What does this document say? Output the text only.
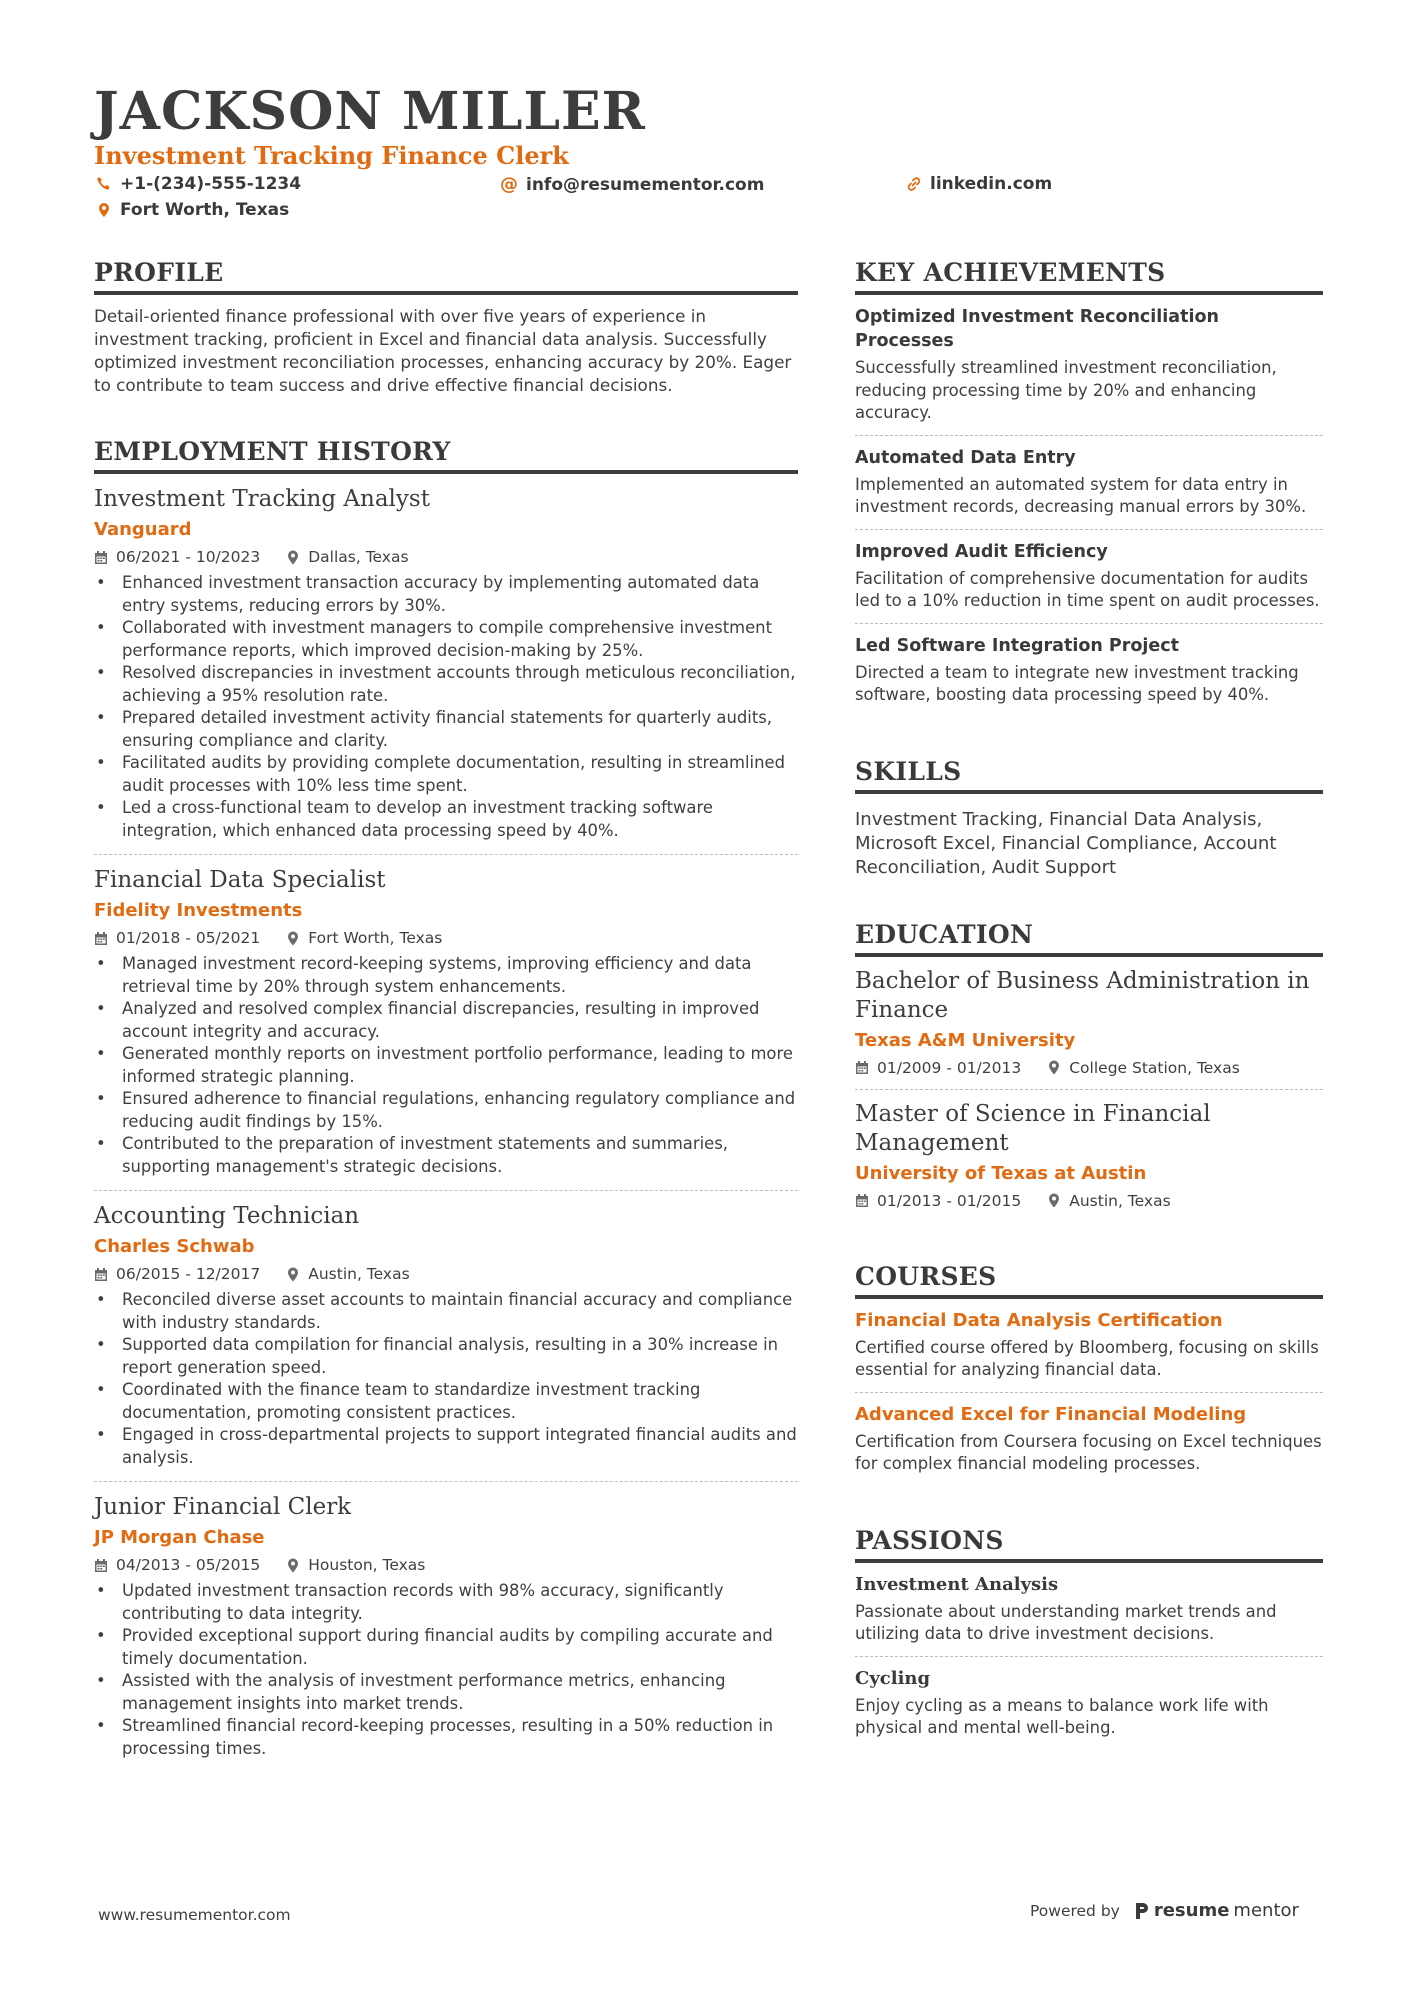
JACKSON MILLER
Investment Tracking Finance Clerk
+1-(234)-555-1234	@ info@resumementor.com	linkedin.com
Fort Worth, Texas
PROFILE

Detail-oriented finance professional with over five years of experience in investment tracking, proficient in Excel and financial data analysis. Successfully optimized investment reconciliation processes, enhancing accuracy by 20%. Eager to contribute to team success and drive effective financial decisions.

EMPLOYMENT HISTORY
Investment Tracking Analyst
Vanguard
06/2021 - 10/2023	Dallas, Texas
• Enhanced investment transaction accuracy by implementing automated data entry systems, reducing errors by 30%.
• Collaborated with investment managers to compile comprehensive investment performance reports, which improved decision-making by 25%.
• Resolved discrepancies in investment accounts through meticulous reconciliation, achieving a 95% resolution rate.
• Prepared detailed investment activity financial statements for quarterly audits, ensuring compliance and clarity.
• Facilitated audits by providing complete documentation, resulting in streamlined audit processes with 10% less time spent.
• Led a cross-functional team to develop an investment tracking software integration, which enhanced data processing speed by 40%.
Financial Data Specialist
Fidelity Investments
01/2018 - 05/2021	Fort Worth, Texas
• Managed investment record-keeping systems, improving efficiency and data retrieval time by 20% through system enhancements.
• Analyzed and resolved complex financial discrepancies, resulting in improved account integrity and accuracy.
• Generated monthly reports on investment portfolio performance, leading to more informed strategic planning.
• Ensured adherence to financial regulations, enhancing regulatory compliance and reducing audit findings by 15%.
• Contributed to the preparation of investment statements and summaries, supporting management's strategic decisions.
Accounting Technician
Charles Schwab
06/2015 - 12/2017	Austin, Texas
• Reconciled diverse asset accounts to maintain financial accuracy and compliance with industry standards.
• Supported data compilation for financial analysis, resulting in a 30% increase in report generation speed.
• Coordinated with the finance team to standardize investment tracking documentation, promoting consistent practices.
• Engaged in cross-departmental projects to support integrated financial audits and analysis.
Junior Financial Clerk
JP Morgan Chase
04/2013 - 05/2015	Houston, Texas
• Updated investment transaction records with 98% accuracy, significantly contributing to data integrity.
• Provided exceptional support during financial audits by compiling accurate and timely documentation.
• Assisted with the analysis of investment performance metrics, enhancing management insights into market trends.
• Streamlined financial record-keeping processes, resulting in a 50% reduction in processing times.
KEY ACHIEVEMENTS
Optimized Investment Reconciliation Processes
Successfully streamlined investment reconciliation, reducing processing time by 20% and enhancing accuracy.
Automated Data Entry
Implemented an automated system for data entry in investment records, decreasing manual errors by 30%.
Improved Audit Efficiency
Facilitation of comprehensive documentation for audits led to a 10% reduction in time spent on audit processes.
Led Software Integration Project
Directed a team to integrate new investment tracking software, boosting data processing speed by 40%.
SKILLS
Investment Tracking, Financial Data Analysis, Microsoft Excel, Financial Compliance, Account Reconciliation, Audit Support
EDUCATION
Bachelor of Business Administration in Finance
Texas A&M University
01/2009 - 01/2013	College Station, Texas
Master of Science in Financial Management
University of Texas at Austin
01/2013 - 01/2015	Austin, Texas
COURSES
Financial Data Analysis Certification
Certified course offered by Bloomberg, focusing on skills essential for analyzing financial data.
Advanced Excel for Financial Modeling
Certification from Coursera focusing on Excel techniques for complex financial modeling processes.
PASSIONS
Investment Analysis
Passionate about understanding market trends and utilizing data to drive investment decisions.
Cycling
Enjoy cycling as a means to balance work life with physical and mental well-being.
www.resumementor.com	Powered by resume mentor
